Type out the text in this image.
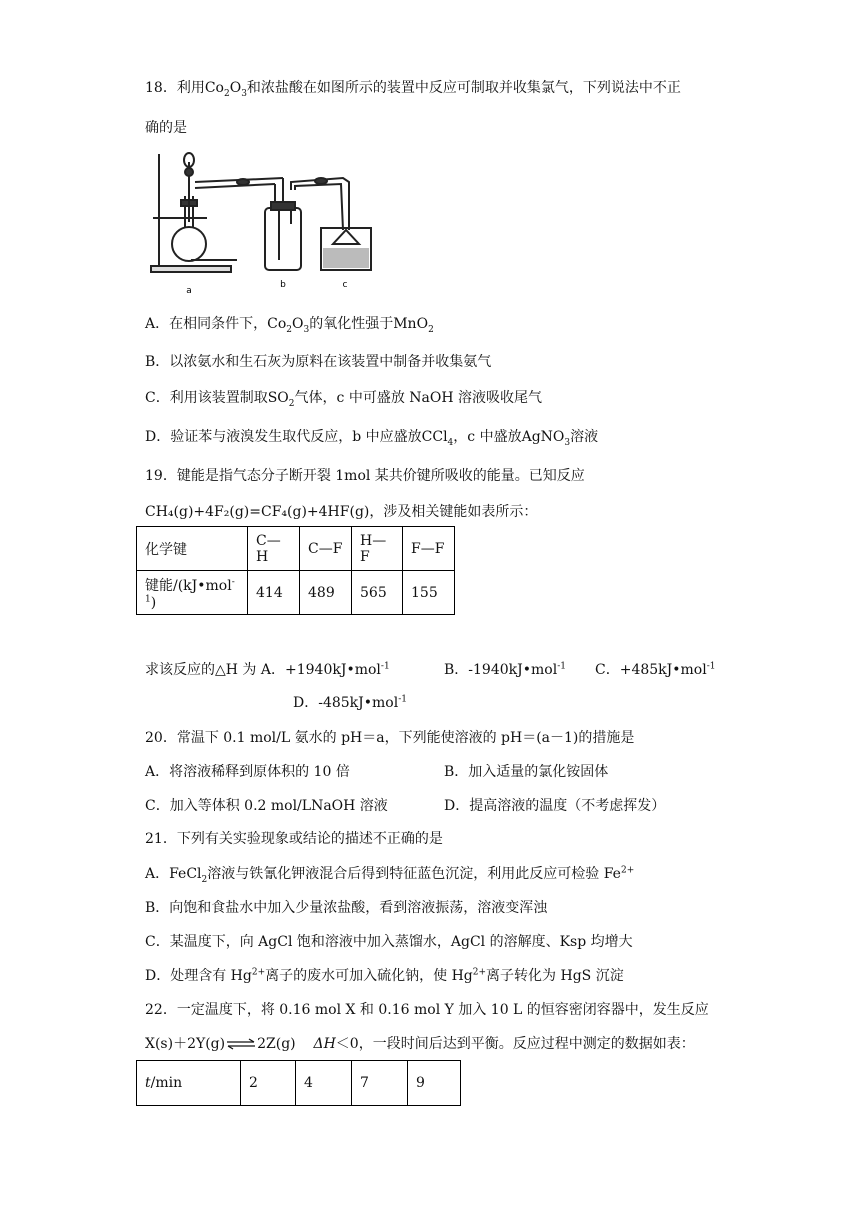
18．利用$Co_2O_3$和浓盐酸在如图所示的装置中反应可制取并收集氯气，下列说法中不正
确的是
a
b	c
A．在相同条件下，$Co_2O_3$的氧化性强于MnO$_2$
B．以浓氨水和生石灰为原料在该装置中制备并收集氨气
C．利用该装置制取$SO_2$气体，c 中可盛放 NaOH 溶液吸收尾气
D．验证苯与液溴发生取代反应，b 中应盛放CCl$_4$，c 中盛放AgNO$_3$溶液
19．键能是指气态分子断开裂 1mol 某共价键所吸收的能量。已知反应
CH₄(g)+4F₂(g)=CF₄(g)+4HF(g)，涉及相关键能如表所示：
化学键	C—H	C—F	H—F	F—F
键能/(kJ•mol$^{-1}$)	414	489	565	155
求该反应的△H 为 A．+1940kJ•mol$^{-1}$	B．-1940kJ•mol$^{-1}$ C．+485kJ•mol$^{-1}$
D．-485kJ•mol$^{-1}$
20．常温下 0.1 mol/L 氨水的 pH＝a，下列能使溶液的 pH＝(a－1)的措施是
A．将溶液稀释到原体积的 10 倍	B．加入适量的氯化铵固体
C．加入等体积 0.2 mol/LNaOH 溶液	D．提高溶液的温度（不考虑挥发）
21．下列有关实验现象或结论的描述不正确的是
A．FeCl$_2$溶液与铁氰化钾液混合后得到特征蓝色沉淀，利用此反应可检验 $Fe^{2+}$
B．向饱和食盐水中加入少量浓盐酸，看到溶液振荡，溶液变浑浊
C．某温度下，向 AgCl 饱和溶液中加入蒸馏水，AgCl 的溶解度、Ksp 均增大
D．处理含有 $Hg^{2+}$离子的废水可加入硫化钠，使 $Hg^{2+}$离子转化为 HgS 沉淀
22．一定温度下，将 0.16 mol X 和 0.16 mol Y 加入 10 L 的恒容密闭容器中，发生反应
X(s)＋2Y(g)⇌2Z(g) ΔH＜0，一段时间后达到平衡。反应过程中测定的数据如表：
t/min	2	4	7	9
